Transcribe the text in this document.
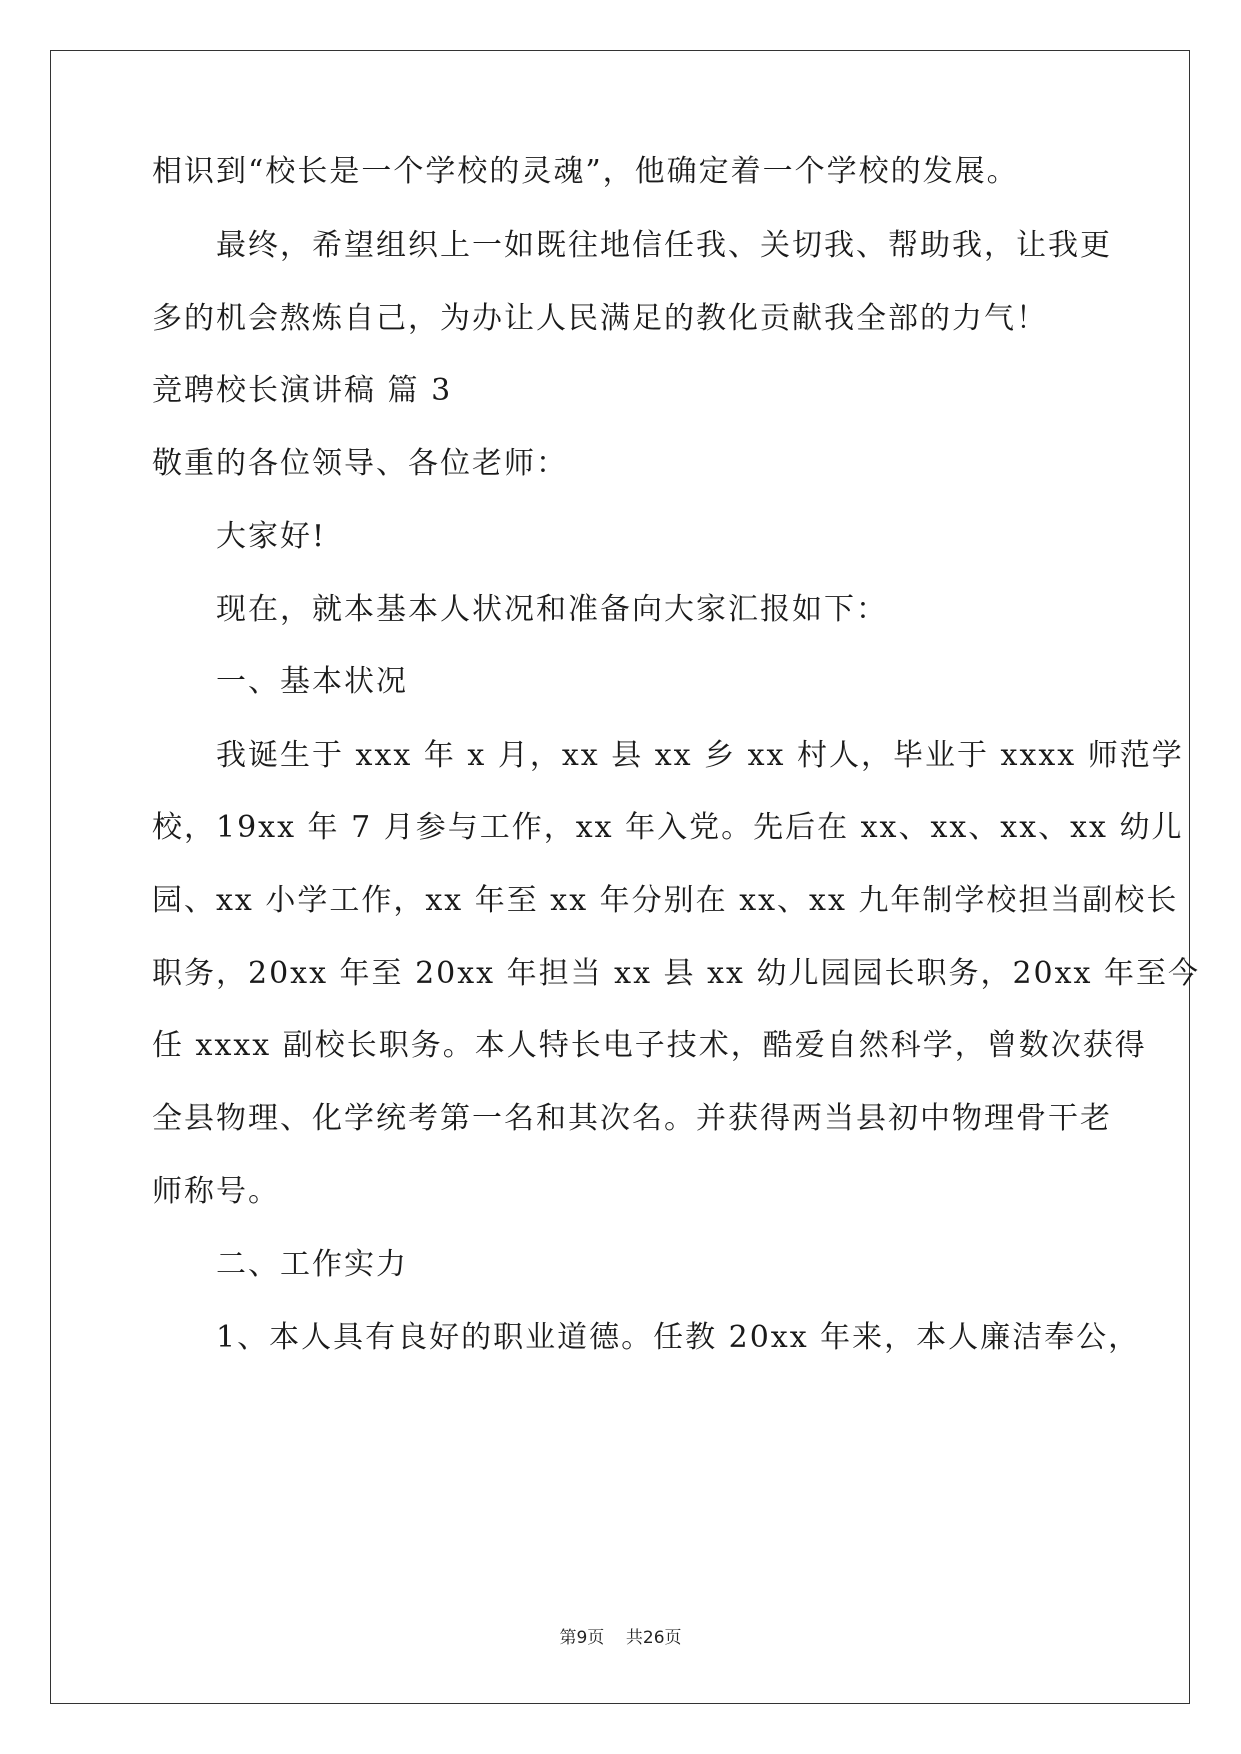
相识到“校长是一个学校的灵魂”，他确定着一个学校的发展。
最终，希望组织上一如既往地信任我、关切我、帮助我，让我更
多的机会熬炼自己，为办让人民满足的教化贡献我全部的力气！
竞聘校长演讲稿 篇 3
敬重的各位领导、各位老师：
大家好!
现在，就本基本人状况和准备向大家汇报如下：
一、基本状况
我诞生于 xxx 年 x 月，xx 县 xx 乡 xx 村人，毕业于 xxxx 师范学
校，19xx 年 7 月参与工作，xx 年入党。先后在 xx、xx、xx、xx 幼儿
园、xx 小学工作，xx 年至 xx 年分别在 xx、xx 九年制学校担当副校长
职务，20xx 年至 20xx 年担当 xx 县 xx 幼儿园园长职务，20xx 年至今
任 xxxx 副校长职务。本人特长电子技术，酷爱自然科学，曾数次获得
全县物理、化学统考第一名和其次名。并获得两当县初中物理骨干老
师称号。
二、工作实力
1、本人具有良好的职业道德。任教 20xx 年来，本人廉洁奉公，
第9页 共26页
